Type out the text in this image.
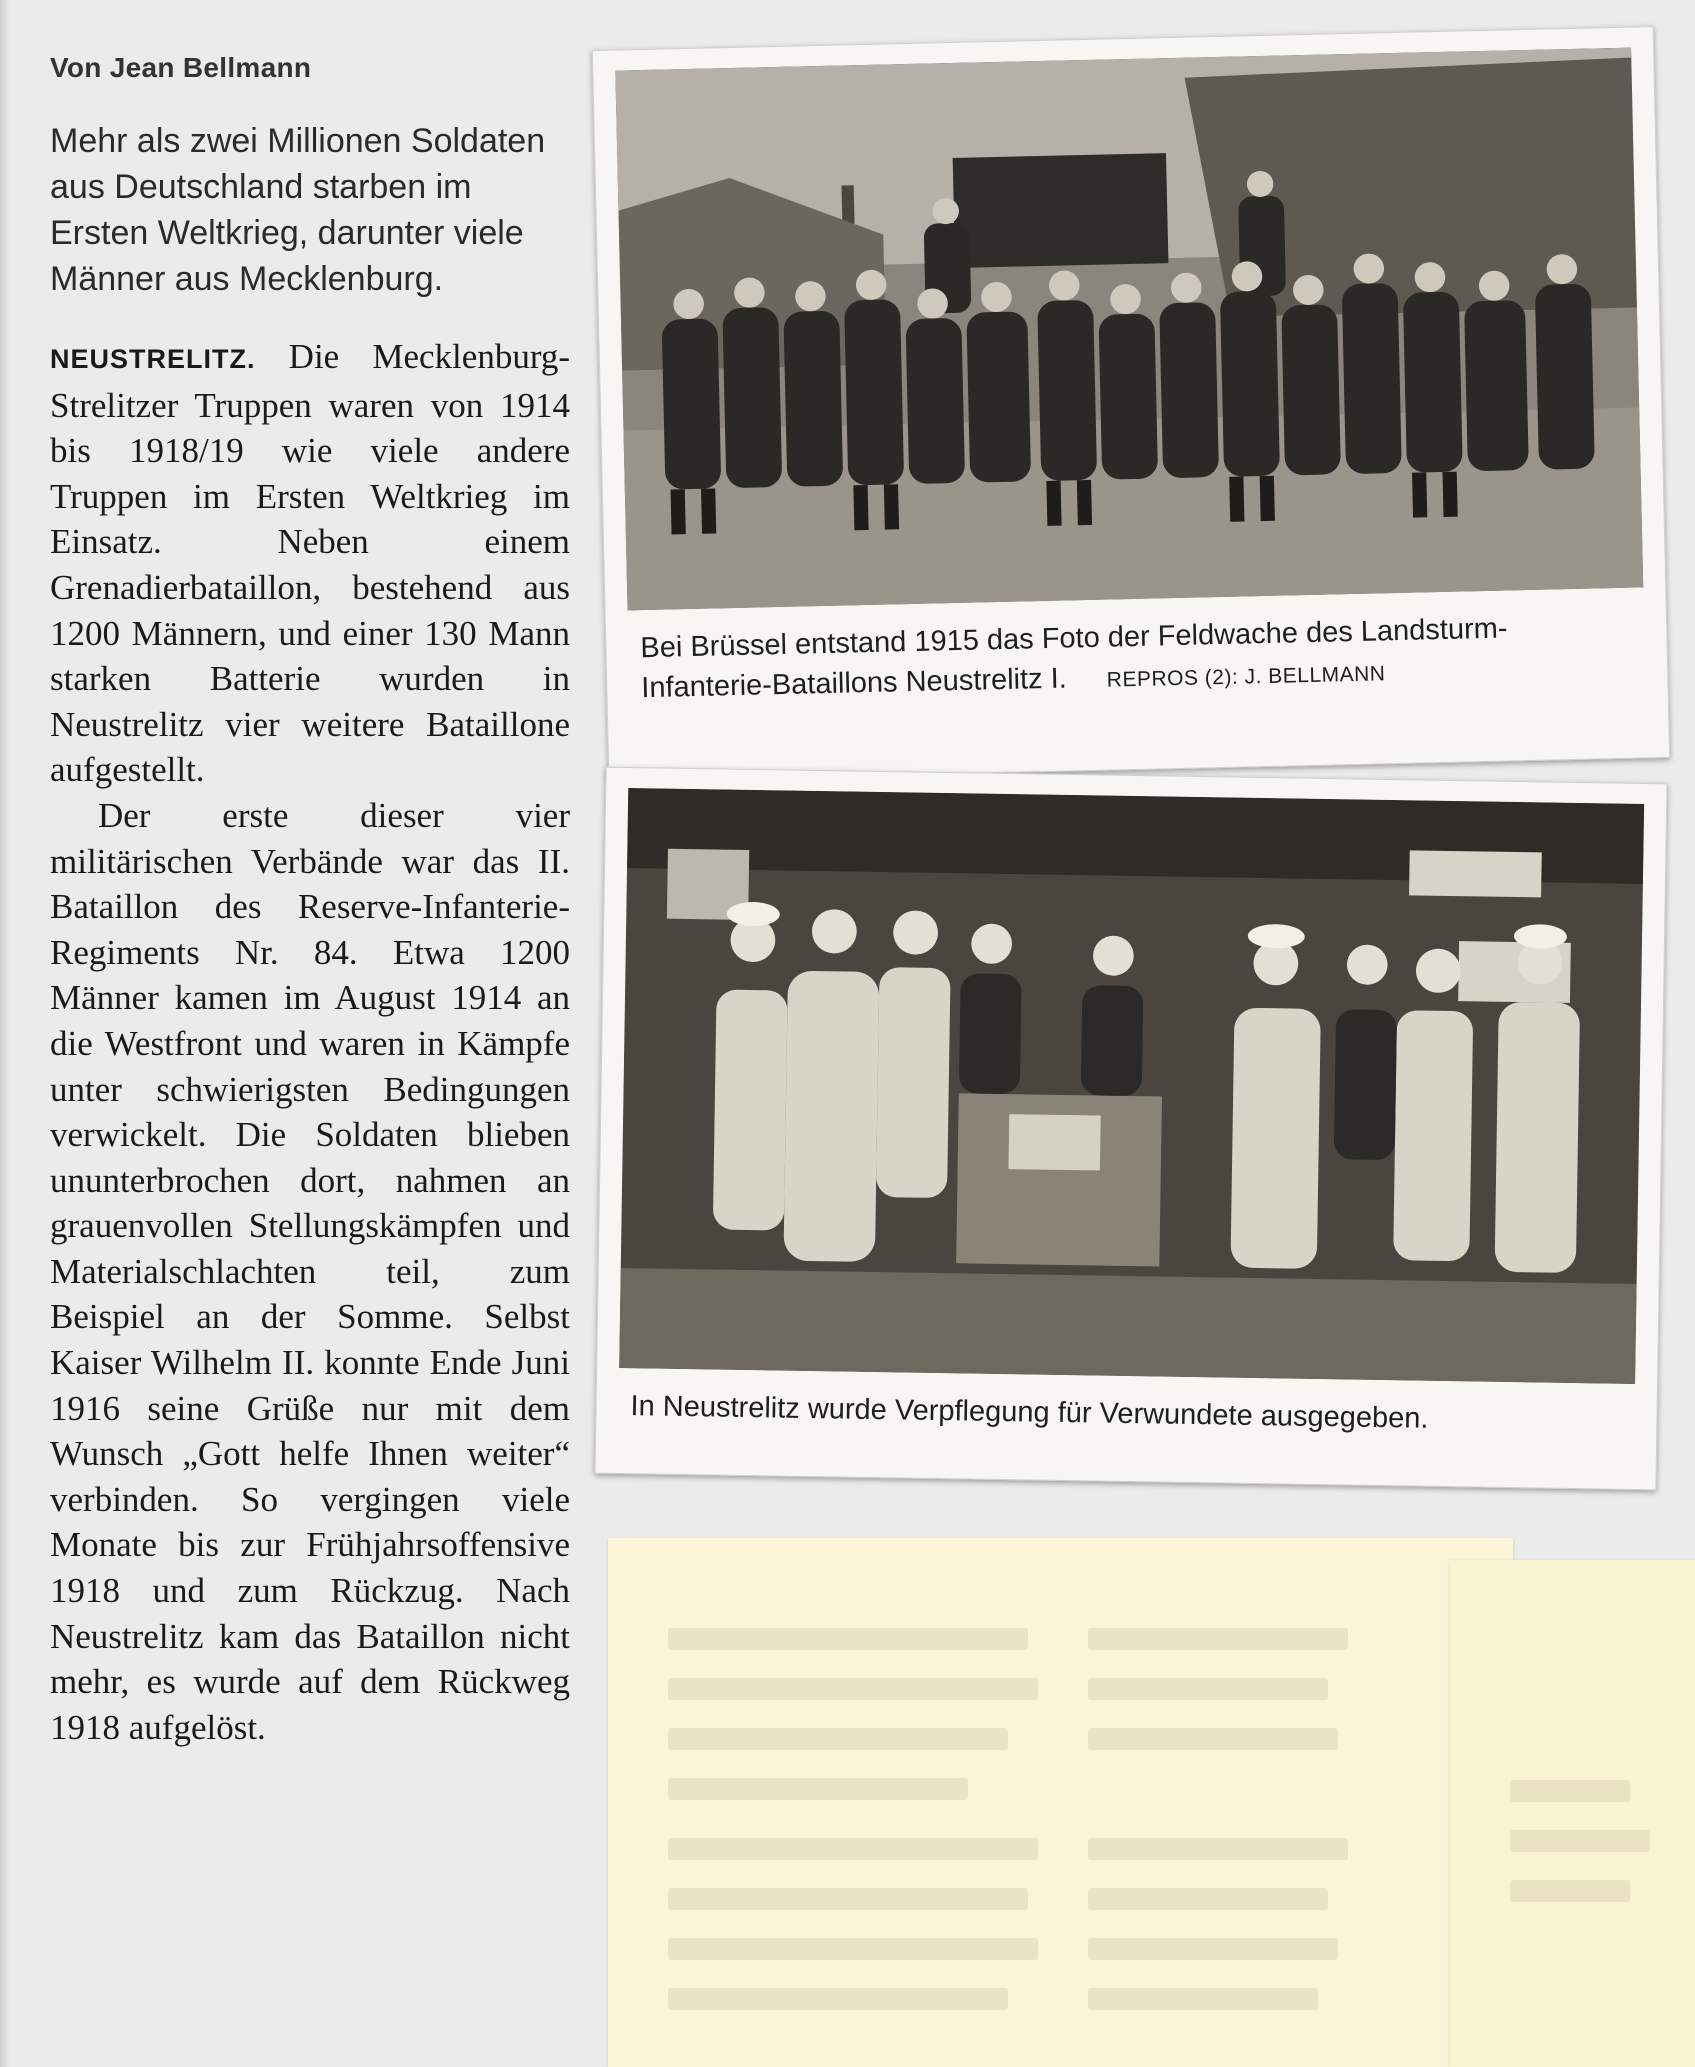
Von Jean Bellmann
Mehr als zwei Millionen Soldaten aus Deutschland starben im Ersten Weltkrieg, darunter viele Männer aus Mecklenburg.

NEUSTRELITZ. Die Mecklenburg-Strelitzer Truppen waren von 1914 bis 1918/19 wie viele andere Truppen im Ersten Weltkrieg im Einsatz. Neben einem Grenadierbataillon, bestehend aus 1200 Männern, und einer 130 Mann starken Batterie wurden in Neustrelitz vier weitere Bataillone aufgestellt.

Der erste dieser vier militärischen Verbände war das II. Bataillon des Reserve-Infanterie-Regiments Nr. 84. Etwa 1200 Männer kamen im August 1914 an die Westfront und waren in Kämpfe unter schwierigsten Bedingungen verwickelt. Die Soldaten blieben ununterbrochen dort, nahmen an grauenvollen Stellungskämpfen und Materialschlachten teil, zum Beispiel an der Somme. Selbst Kaiser Wilhelm II. konnte Ende Juni 1916 seine Grüße nur mit dem Wunsch „Gott helfe Ihnen weiter“ verbinden. So vergingen viele Monate bis zur Frühjahrsoffensive 1918 und zum Rückzug. Nach Neustrelitz kam das Bataillon nicht mehr, es wurde auf dem Rückweg 1918 aufgelöst.

Bei Brüssel entstand 1915 das Foto der Feldwache des Landsturm-Infanterie-Bataillons Neustrelitz I. REPROS (2): J. BELLMANN
In Neustrelitz wurde Verpflegung für Verwundete ausgegeben.
